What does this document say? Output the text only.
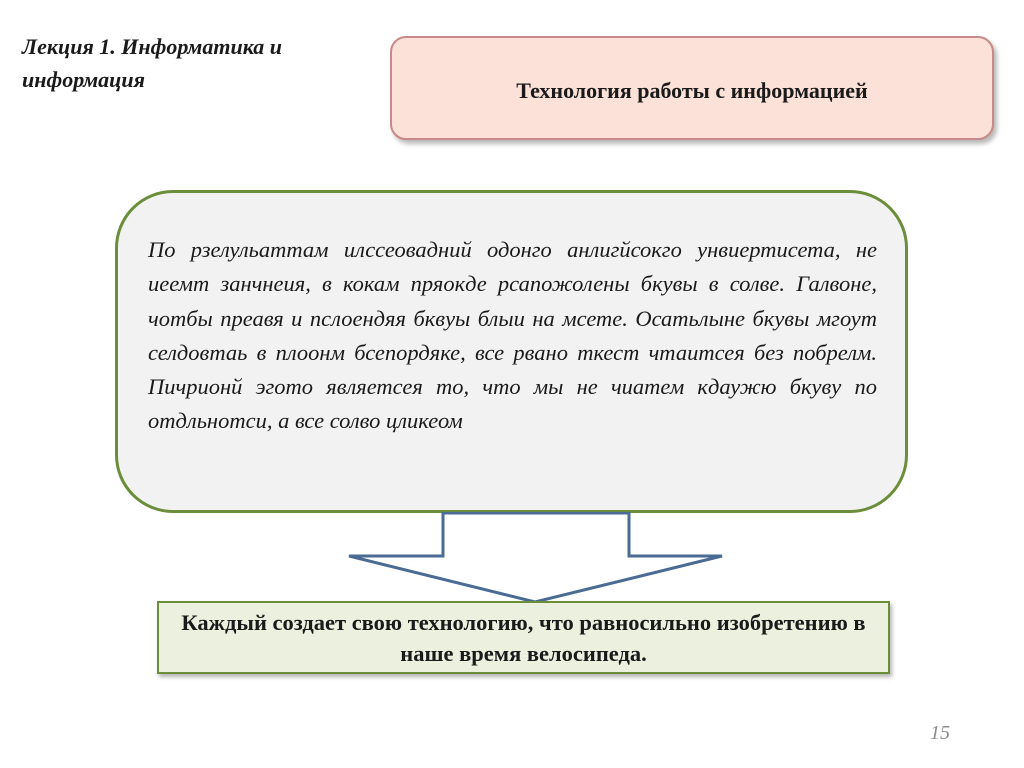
Лекция 1. Информатика и информация	Технология работы с информацией

По рзелульаттам илссеовадний одонго анлигйсокго унвиертисета, не иеемт занчнеия, в кокам пряокде рсапожолены бкувы в солве. Галвоне, чотбы преавя и пслоендяя бквуы блыи на мсете. Осатьлыне бкувы мгоут селдовтаь в плоонм бсепордяке, все рвано ткест чтаитсея без побрелм. Пичрионй эгото являетсея то, что мы не чиатем кдаужю бкуву по отдльнотси, а все солво цликеом

Каждый создает свою технологию, что равносильно изобретению в наше время велосипеда.

15
